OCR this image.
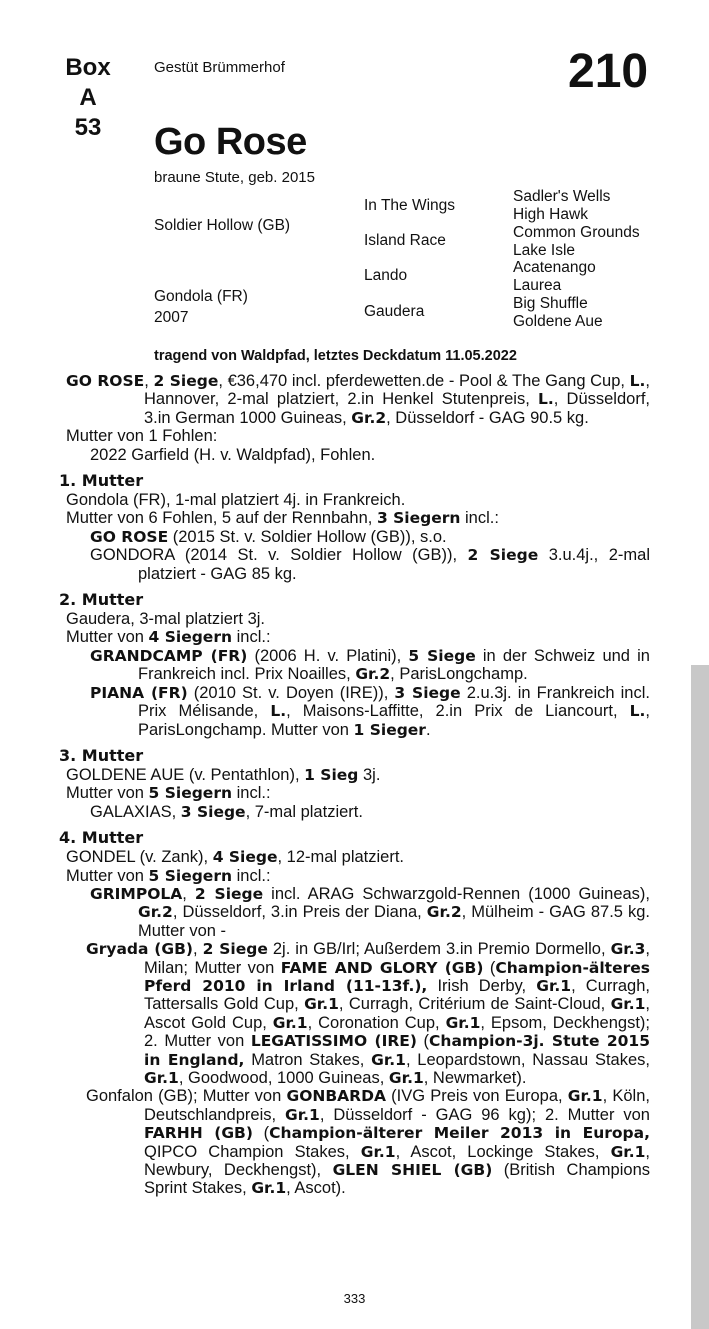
Box
A 53
Gestüt Brümmerhof	210
Go Rose
braune Stute, geb. 2015
Soldier Hollow (GB)
Gondola (FR)
2007
In The Wings
Island Race
Lando
Gaudera
Sadler's Wells
High Hawk
Common Grounds
Lake Isle
Acatenango
Laurea
Big Shuffle
Goldene Aue
tragend von Waldpfad, letztes Deckdatum 11.05.2022

GO ROSE, 2 Siege, €36,470 incl. pferdewetten.de - Pool & The Gang Cup, L., Hannover, 2-mal platziert, 2.in Henkel Stutenpreis, L., Düsseldorf, 3.in German 1000 Guineas, Gr.2, Düsseldorf - GAG 90.5 kg.

Mutter von 1 Fohlen:

2022 Garfield (H. v. Waldpfad), Fohlen.

1. Mutter

Gondola (FR), 1-mal platziert 4j. in Frankreich.

Mutter von 6 Fohlen, 5 auf der Rennbahn, 3 Siegern incl.:

GO ROSE (2015 St. v. Soldier Hollow (GB)), s.o.

GONDORA (2014 St. v. Soldier Hollow (GB)), 2 Siege 3.u.4j., 2-mal platziert - GAG 85 kg.

2. Mutter

Gaudera, 3-mal platziert 3j.

Mutter von 4 Siegern incl.:

GRANDCAMP (FR) (2006 H. v. Platini), 5 Siege in der Schweiz und in Frankreich incl. Prix Noailles, Gr.2, ParisLongchamp.

PIANA (FR) (2010 St. v. Doyen (IRE)), 3 Siege 2.u.3j. in Frankreich incl. Prix Mélisande, L., Maisons-Laffitte, 2.in Prix de Liancourt, L., ParisLongchamp. Mutter von 1 Sieger.

3. Mutter

GOLDENE AUE (v. Pentathlon), 1 Sieg 3j.

Mutter von 5 Siegern incl.:

GALAXIAS, 3 Siege, 7-mal platziert.

4. Mutter

GONDEL (v. Zank), 4 Siege, 12-mal platziert.

Mutter von 5 Siegern incl.:

GRIMPOLA, 2 Siege incl. ARAG Schwarzgold-Rennen (1000 Guineas), Gr.2, Düsseldorf, 3.in Preis der Diana, Gr.2, Mülheim - GAG 87.5 kg. Mutter von -

Gryada (GB), 2 Siege 2j. in GB/Irl; Außerdem 3.in Premio Dormello, Gr.3, Milan; Mutter von FAME AND GLORY (GB) (Champion-älteres Pferd 2010 in Irland (11-13f.), Irish Derby, Gr.1, Curragh, Tattersalls Gold Cup, Gr.1, Curragh, Critérium de Saint-Cloud, Gr.1, Ascot Gold Cup, Gr.1, Coronation Cup, Gr.1, Epsom, Deckhengst); 2. Mutter von LEGATISSIMO (IRE) (Champion-3j. Stute 2015 in England, Matron Stakes, Gr.1, Leopardstown, Nassau Stakes, Gr.1, Goodwood, 1000 Guineas, Gr.1, Newmarket).

Gonfalon (GB); Mutter von GONBARDA (IVG Preis von Europa, Gr.1, Köln, Deutschlandpreis, Gr.1, Düsseldorf - GAG 96 kg); 2. Mutter von FARHH (GB) (Champion-älterer Meiler 2013 in Europa, QIPCO Champion Stakes, Gr.1, Ascot, Lockinge Stakes, Gr.1, Newbury, Deckhengst), GLEN SHIEL (GB) (British Champions Sprint Stakes, Gr.1, Ascot).

333
